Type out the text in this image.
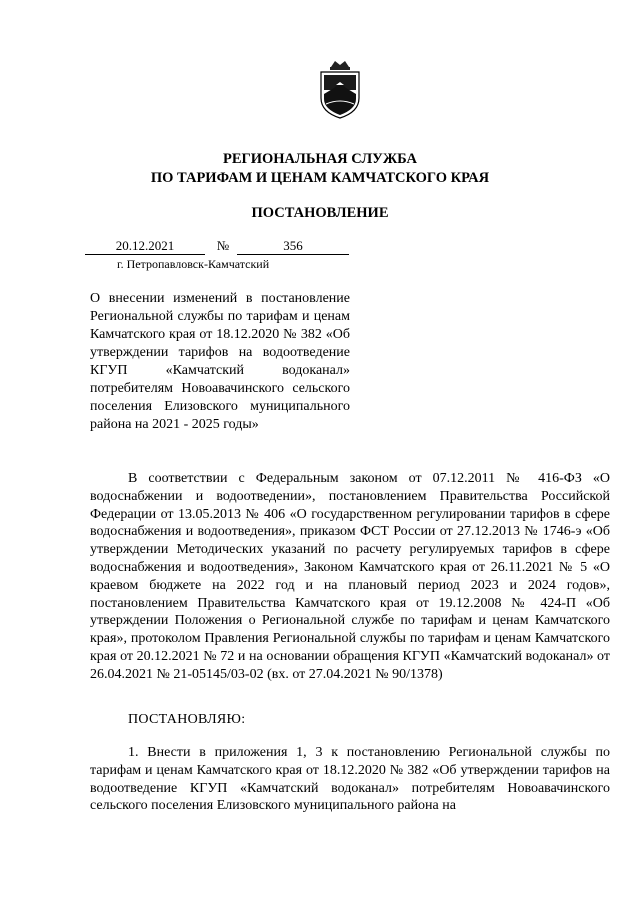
РЕГИОНАЛЬНАЯ СЛУЖБА
ПО ТАРИФАМ И ЦЕНАМ КАМЧАТСКОГО КРАЯ
ПОСТАНОВЛЕНИЕ
20.12.2021	№	356
г. Петропавловск-Камчатский

О внесении изменений в постановление Региональной службы по тарифам и ценам Камчатского края от 18.12.2020 № 382 «Об утверждении тарифов на водоотведение КГУП «Камчатский водоканал» потребителям Новоавачинского сельского поселения Елизовского муниципального района на 2021 - 2025 годы»

В соответствии с Федеральным законом от 07.12.2011 № 416-ФЗ «О водоснабжении и водоотведении», постановлением Правительства Российской Федерации от 13.05.2013 № 406 «О государственном регулировании тарифов в сфере водоснабжения и водоотведения», приказом ФСТ России от 27.12.2013 № 1746-э «Об утверждении Методических указаний по расчету регулируемых тарифов в сфере водоснабжения и водоотведения», Законом Камчатского края от 26.11.2021 № 5 «О краевом бюджете на 2022 год и на плановый период 2023 и 2024 годов», постановлением Правительства Камчатского края от 19.12.2008 № 424-П «Об утверждении Положения о Региональной службе по тарифам и ценам Камчатского края», протоколом Правления Региональной службы по тарифам и ценам Камчатского края от 20.12.2021 № 72 и на основании обращения КГУП «Камчатский водоканал» от 26.04.2021 № 21-05145/03-02 (вх. от 27.04.2021 № 90/1378)

ПОСТАНОВЛЯЮ:

1. Внести в приложения 1, 3 к постановлению Региональной службы по тарифам и ценам Камчатского края от 18.12.2020 № 382 «Об утверждении тарифов на водоотведение КГУП «Камчатский водоканал» потребителям Новоавачинского сельского поселения Елизовского муниципального района на
